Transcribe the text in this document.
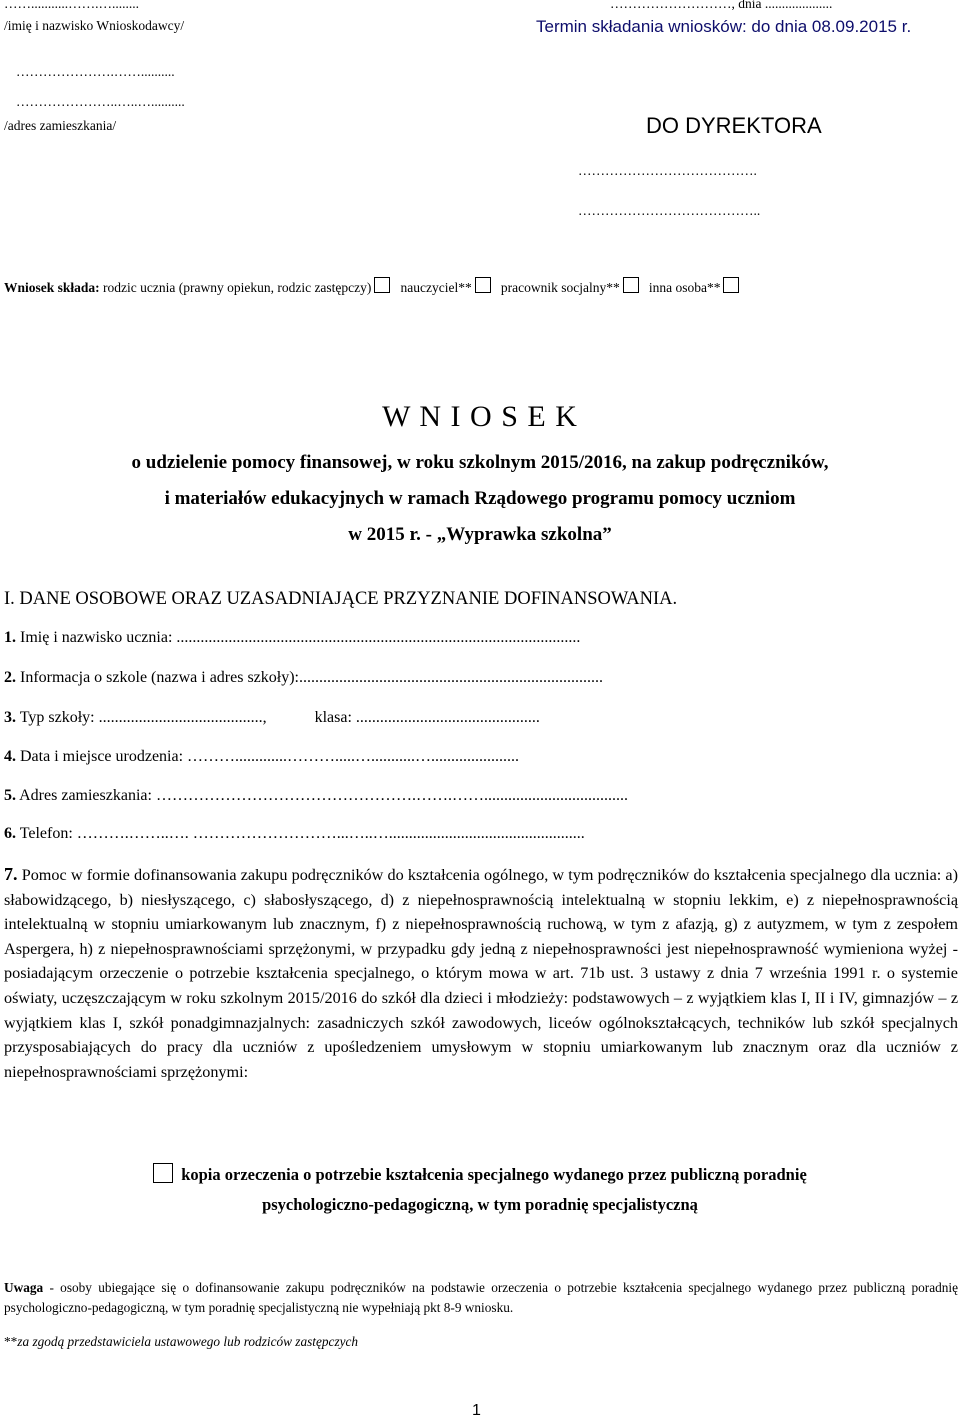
……...........…….…........
/imię i nazwisko Wnioskodawcy/
………………………, dnia ....................
Termin składania wniosków: do dnia 08.09.2015 r.
………………….……..........
…………………..…..…..........
/adres zamieszkania/	DO DYREKTORA
………………………………….
…………………………………..
Wniosek składa: rodzic ucznia (prawny opiekun, rodzic zastępczy) nauczyciel** pracownik socjalny** inna osoba**
W N I O S E K
o udzielenie pomocy finansowej, w roku szkolnym 2015/2016, na zakup podręczników,
i materiałów edukacyjnych w ramach Rządowego programu pomocy uczniom
w 2015 r. - „Wyprawka szkolna”
I. DANE OSOBOWE ORAZ UZASADNIAJĄCE PRZYZNANIE DOFINANSOWANIA.
1. Imię i nazwisko ucznia: .....................................................................................................
2. Informacja o szkole (nazwa i adres szkoły):............................................................................
3. Typ szkoły: .........................................,            klasa: ..............................................
4. Data i miejsce urodzenia: ……….............……….....…...........…......................
5. Adres zamieszkania: ………………………………………….…….……....................................
6. Telefon: ……….……..…. ………………………...…..….................................................
7. Pomoc w formie dofinansowania zakupu podręczników do kształcenia ogólnego, w tym podręczników do kształcenia specjalnego dla ucznia: a) słabowidzącego, b) niesłyszącego, c) słabosłyszącego, d) z niepełnosprawnością intelektualną w stopniu lekkim, e) z niepełnosprawnością intelektualną w stopniu umiarkowanym lub znacznym, f) z niepełnosprawnością ruchową, w tym z afazją, g) z autyzmem, w tym z zespołem Aspergera, h) z niepełnosprawnościami sprzężonymi, w przypadku gdy jedną z niepełnosprawności jest niepełnosprawność wymieniona wyżej - posiadającym orzeczenie o potrzebie kształcenia specjalnego, o którym mowa w art. 71b ust. 3 ustawy z dnia 7 września 1991 r. o systemie oświaty, uczęszczającym w roku szkolnym 2015/2016 do szkół dla dzieci i młodzieży: podstawowych – z wyjątkiem klas I, II i IV, gimnazjów – z wyjątkiem klas I, szkół ponadgimnazjalnych: zasadniczych szkół zawodowych, liceów ogólnokształcących, techników lub szkół specjalnych przysposabiających do pracy dla uczniów z upośledzeniem umysłowym w stopniu umiarkowanym lub znacznym oraz dla uczniów z niepełnosprawnościami sprzężonymi:
kopia orzeczenia o potrzebie kształcenia specjalnego wydanego przez publiczną poradnię
psychologiczno-pedagogiczną, w tym poradnię specjalistyczną
Uwaga - osoby ubiegające się o dofinansowanie zakupu podręczników na podstawie orzeczenia o potrzebie kształcenia specjalnego wydanego przez publiczną poradnię psychologiczno-pedagogiczną, w tym poradnię specjalistyczną nie wypełniają pkt 8-9 wniosku.
**za zgodą przedstawiciela ustawowego lub rodziców zastępczych
1
